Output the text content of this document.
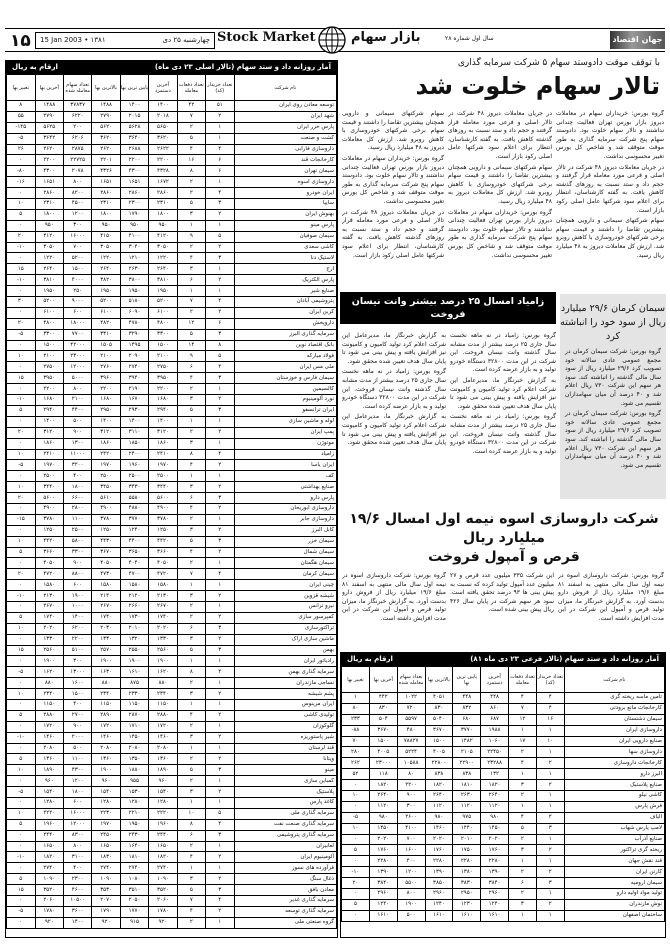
۱۵ 15 Jan 2003 • ۱۳۸۱	چهارشنبه ۲۵ دی Stock Market	بازار سهام	سال اول شماره ۲۸	جهان اقتصاد
ارقام به ریال	آمار روزانه داد و ستد سهام (تالار اصلی ۲۳ دی ماه)
نام شرکت	تعداد خریدار (کد)	تعداد دفعات معامله	آخرین دستمزد	پایین ترین بها	بالاترین بها	تعداد سهام معامله شده	آخرین بها	تغییر بها
توسعه معادن روی ایران	۵۱	۴۲	۱۴۰۰	۱۴۰۰	۱۴۸۸	۳۷۸۳۷	۱۴۸۸	۸
شهد ایران	۲	۷	۲۰۱۸	۲۰۱۵	۲۷۹۰	۶۲۲۰	۲۷۹۰	۵۵
پارس خزر ایران	۱	۲	۵۶۵۰	۵۶۲۸	۵۶۲۰	۲۰۰	۵۶۲۵	۱۴۵-
کشت و صنعت	۱	۵	۳۶۲۰	۳۶۴۰	۳۶۲۰	۶۲۰۶	۳۶۴۲	۵-
داروسازی فارابی	۴	۴	۲۶۲۲	۲۶۸۸	۲۶۲۰	۲۸۷۵	۲۶۲۰	۲۶
کارخانجات قند	۶	۱۶	۲۲۰۰	۲۲۰۰	۲۲۰۱	۲۲۷۲۵	۲۲۰۰	۰
سیمان تهران	۶	۸	۴۳۲۸	۴۳۰۰	۴۳۲۶	۲۰۷۸	۴۳۰۰	۸۰-
داروسازی اسوه	۱	۲	۱۶۷۲	۱۶۵۱	۱۶۵۱	۸۰۰	۱۶۵۱	۱۶-
ایران خودرو	۴	۲	۲۸۶۰	۲۸۶۰	۲۸۶۰	۸۲۰۰	۲۸۶۰	۰
سایپا	۳	۵	۲۳۱۰	۲۳۰۰	۲۳۱۰	۴۵۰۰	۲۳۱۰	۱۰
بهنوش ایران	۲	۳	۱۸۰۰	۱۷۹۰	۱۸۰۰	۱۲۰۰	۱۸۰۰	۵
پارس مینو	۱	۱	۹۵۰	۹۵۰	۹۵۰	۳۰۰	۹۵۰	۰
سیمان صوفیان	۵	۹	۴۱۲۰	۴۱۰۰	۴۱۵۰	۱۶۰۰۰	۴۱۲۰	۲۰
کاشی سعدی	۲	۲	۳۰۵۰	۳۰۴۰	۳۰۵۰	۷۰۰	۳۰۵۰	۱۰-
لاستیک دنا	۳	۴	۱۲۲۰	۱۲۱۰	۱۲۲۰	۵۲۰۰	۱۲۲۰	۰
ارج	۱	۳	۲۶۴۰	۲۶۳۰	۲۶۴۰	۱۵۰۰	۲۶۴۰	۱۵
پارس الکتریک	۲	۶	۳۸۱۰	۳۸۰۰	۳۸۲۰	۴۰۰۰	۳۸۱۰	۱۰-
صنایع شیر	۱	۱	۱۹۵۰	۱۹۵۰	۱۹۵۰	۲۵۰	۱۹۵۰	۰
پتروشیمی آبادان	۴	۷	۵۲۰۰	۵۱۸۰	۵۲۰۰	۹۰۰۰	۵۲۰۰	۳۰
کربن ایران	۲	۲	۶۱۰۰	۶۰۹۰	۶۱۰۰	۶۰۰	۶۱۰۰	۰
داروپخش	۶	۱۲	۴۸۰۰	۴۷۸۰	۴۸۲۰	۱۸۰۰۰	۴۸۰۰	۲۰
سرمایه گذاری البرز	۳	۵	۳۳۰۰	۳۲۹۰	۳۳۱۰	۷۷۰۰	۳۳۰۰	۵-
بانک اقتصاد نوین	۸	۱۴	۱۵۰۰	۱۴۹۵	۱۵۰۵	۴۲۰۰۰	۱۵۰۰	۰
فولاد مبارکه	۵	۹	۲۱۰۰	۲۰۹۰	۲۱۰۰	۲۳۰۰۰	۲۱۰۰	۱۰
ملی مس ایران	۴	۶	۲۷۵۰	۲۷۴۰	۲۷۶۰	۱۲۰۰۰	۲۷۵۰	۰
سیمان فارس و خوزستان	۳	۴	۳۹۵۰	۳۹۴۰	۳۹۶۰	۵۰۰۰	۳۹۵۰	۱۵
کالسیمین	۱	۲	۲۲۰۰	۲۱۹۰	۲۲۰۰	۸۰۰	۲۲۰۰	۰
نورد آلومینیوم	۲	۳	۱۶۸۰	۱۶۷۰	۱۶۸۰	۲۱۰۰	۱۶۸۰	۱۰-
ایران ترانسفو	۳	۵	۲۹۴۰	۲۹۳۰	۲۹۵۰	۴۴۰۰	۲۹۴۰	۵
لوله و ماشین سازی	۱	۱	۱۴۰۰	۱۴۰۰	۱۴۰۰	۵۰۰	۱۴۰۰	۰
پمپ ایران	۲	۲	۳۱۲۰	۳۱۱۰	۳۱۲۰	۹۰۰	۳۱۲۰	۲۰
موتوژن	۱	۳	۱۸۶۰	۱۸۵۰	۱۸۶۰	۱۳۰۰	۱۸۶۰	۰
زامیاد	۴	۸	۲۴۱۰	۲۴۰۰	۲۴۲۰	۱۱۰۰۰	۲۴۱۰	۱۰
ایران یاسا	۲	۴	۱۹۷۰	۱۹۶۰	۱۹۷۰	۳۲۰۰	۱۹۷۰	۵-
کف	۱	۱	۲۵۰۰	۲۵۰۰	۲۵۰۰	۴۰۰	۲۵۰۰	۰
صنایع بهداشتی	۲	۳	۳۴۴۰	۳۴۳۰	۳۴۵۰	۱۸۰۰	۳۴۴۰	۱۰
پارس دارو	۳	۶	۵۶۰۰	۵۵۸۰	۵۶۱۰	۶۶۰۰	۵۶۰۰	۲۰
داروسازی ابوریحان	۲	۴	۴۹۰۰	۴۸۸۰	۴۹۰۰	۲۸۰۰	۴۹۰۰	۰
داروسازی جابر	۱	۲	۳۷۸۰	۳۷۷۰	۳۷۸۰	۱۱۰۰	۳۷۸۰	۱۵-
کابل البرز	۲	۳	۱۲۵۰	۱۲۴۰	۱۲۵۰	۲۵۰۰	۱۲۵۰	۰
سیمان خزر	۳	۵	۴۴۲۰	۴۴۰۰	۴۴۳۰	۵۸۰۰	۴۴۲۰	۱۰
سیمان شمال	۲	۴	۳۶۶۰	۳۶۵۰	۳۶۷۰	۳۳۰۰	۳۶۶۰	۵
سیمان هگمتان	۱	۲	۴۰۵۰	۴۰۴۰	۴۰۵۰	۹۰۰	۴۰۵۰	۰
سیمان کرمان	۴	۷	۴۷۲۰	۴۷۰۰	۴۷۳۰	۸۸۰۰	۴۷۲۰	۲۰
چینی ایران	۱	۱	۱۵۸۰	۱۵۸۰	۱۵۸۰	۶۰۰	۱۵۸۰	۰
شیشه قزوین	۲	۳	۲۱۳۰	۲۱۲۰	۲۱۴۰	۱۹۰۰	۲۱۳۰	۱۰-
نیرو ترانس	۱	۲	۲۶۷۰	۲۶۶۰	۲۶۷۰	۱۰۰۰	۲۶۷۰	۰
کمپرسور سازی	۲	۲	۱۷۴۰	۱۷۳۰	۱۷۴۰	۱۴۰۰	۱۷۴۰	۵
تراکتورسازی	۳	۶	۲۰۲۰	۲۰۱۰	۲۰۳۰	۶۲۰۰	۲۰۲۰	۱۰
ماشین سازی اراک	۲	۳	۱۳۳۰	۱۳۲۰	۱۳۳۰	۲۲۰۰	۱۳۳۰	۰
بهمن	۳	۵	۲۵۶۰	۲۵۵۰	۲۵۷۰	۵۱۰۰	۲۵۶۰	۱۵
رادیاتور ایران	۱	۱	۱۹۰۰	۱۹۰۰	۱۹۰۰	۳۰۰	۱۹۰۰	۰
سرمایه گذاری بهمن	۴	۸	۱۶۲۰	۱۶۱۰	۱۶۳۰	۱۳۰۰۰	۱۶۲۰	۵-
نساجی مازندران	۱	۲	۸۸۰	۸۷۵	۸۸۰	۱۶۰۰	۸۸۰	۰
پشم شیشه	۲	۳	۲۳۴۰	۲۳۳۰	۲۳۴۰	۱۵۰۰	۲۳۴۰	۱۰
ایران مرینوس	۱	۱	۱۱۵۰	۱۱۵۰	۱۱۵۰	۴۰۰	۱۱۵۰	۰
تولیدی کاشی	۲	۴	۲۸۸۰	۲۸۷۰	۲۸۹۰	۲۷۰۰	۲۸۸۰	۵
گلوکوزان	۱	۲	۱۷۲۰	۱۷۱۰	۱۷۲۰	۹۰۰	۱۷۲۰	۰
شیر پاستوریزه	۲	۳	۱۴۶۰	۱۴۵۰	۱۴۶۰	۲۰۰۰	۱۴۶۰	۱۰-
قند لرستان	۱	۱	۲۰۸۰	۲۰۸۰	۲۰۸۰	۵۰۰	۲۰۸۰	۰
ویتانا	۲	۲	۱۳۶۰	۱۳۵۰	۱۳۶۰	۱۱۰۰	۱۳۶۰	۵
مینو	۳	۵	۱۸۹۰	۱۸۸۰	۱۹۰۰	۴۳۰۰	۱۸۹۰	۱۰
کمباین سازی	۱	۲	۹۶۰	۹۵۵	۹۶۰	۱۲۰۰	۹۶۰	۰
پلاستیک	۲	۳	۱۵۴۰	۱۵۳۰	۱۵۴۰	۱۸۰۰	۱۵۴۰	۵-
کاغذ پارس	۱	۱	۱۲۸۰	۱۲۸۰	۱۲۸۰	۶۰۰	۱۲۸۰	۰
سرمایه گذاری ملی	۵	۱۰	۲۲۲۰	۲۲۱۰	۲۲۳۰	۱۶۰۰۰	۲۲۲۰	۱۰
سرمایه گذاری صنعت نفت	۴	۸	۱۹۶۰	۱۹۵۰	۱۹۷۰	۱۲۰۰۰	۱۹۶۰	۵
سرمایه گذاری پتروشیمی	۳	۶	۲۴۴۰	۲۴۳۰	۲۴۵۰	۸۳۰۰	۲۴۴۰	۰
لعابیران	۱	۲	۱۶۵۰	۱۶۴۰	۱۶۵۰	۸۰۰	۱۶۵۰	۰
آلومینیوم ایران	۲	۴	۱۸۲۰	۱۸۱۰	۱۸۳۰	۳۱۰۰	۱۸۲۰	۱۰-
فرآورده های نسوز	۱	۱	۲۷۴۰	۲۷۴۰	۲۷۴۰	۴۰۰	۲۷۴۰	۰
ذغال سنگ	۲	۳	۱۰۹۰	۱۰۸۰	۱۰۹۰	۲۳۰۰	۱۰۹۰	۵
معادن بافق	۳	۵	۳۵۲۰	۳۵۱۰	۳۵۳۰	۴۶۰۰	۳۵۲۰	۱۵
سرمایه گذاری غدیر	۴	۷	۲۰۶۰	۲۰۵۰	۲۰۷۰	۱۰۵۰۰	۲۰۶۰	۰
سرمایه گذاری توسعه	۲	۴	۱۷۸۰	۱۷۷۰	۱۷۹۰	۳۶۰۰	۱۷۸۰	۵-
گروه صنعتی ملی	۱	۲	۹۲۰	۹۱۵	۹۲۰	۱۴۰۰	۹۲۰	۰
با توقف موقت دادوستد سهام ۵ شرکت سرمایه گذاری
تالار سهام خلوت شد

گروه بورس: خریداران سهام در معاملات دیروز بازار بورس تهران فعالیت چندانی نداشتند و تالار سهام خلوت بود. دادوستد سهام پنج شرکت سرمایه گذاری به طور موقت متوقف شد و شاخص کل بورس تغییر محسوسی نداشت.

در جریان معاملات دیروز ۴۸ شرکت در تالار اصلی و فرعی مورد معامله قرار گرفتند و حجم داد و ستد نسبت به روزهای گذشته کاهش یافت. به گفته کارشناسان، انتظار برای اعلام سود شرکتها عامل اصلی رکود بازار است.

سهام شرکتهای سیمانی و دارویی همچنان بیشترین تقاضا را داشتند و قیمت سهام برخی شرکتهای خودروسازی با کاهش روبرو شد. ارزش کل معاملات دیروز به ۴۸ میلیارد ریال رسید.

در جریان معاملات دیروز ۴۸ شرکت در تالار اصلی و فرعی مورد معامله قرار گرفتند و حجم داد و ستد نسبت به روزهای گذشته کاهش یافت. به گفته کارشناسان، انتظار برای اعلام سود شرکتها عامل اصلی رکود بازار است.

سهام شرکتهای سیمانی و دارویی همچنان بیشترین تقاضا را داشتند و قیمت سهام برخی شرکتهای خودروسازی با کاهش روبرو شد. ارزش کل معاملات دیروز به ۴۸ میلیارد ریال رسید.

گروه بورس: خریداران سهام در معاملات دیروز بازار بورس تهران فعالیت چندانی نداشتند و تالار سهام خلوت بود. دادوستد سهام پنج شرکت سرمایه گذاری به طور موقت متوقف شد و شاخص کل بورس تغییر محسوسی نداشت.

سهام شرکتهای سیمانی و دارویی همچنان بیشترین تقاضا را داشتند و قیمت سهام برخی شرکتهای خودروسازی با کاهش روبرو شد. ارزش کل معاملات دیروز به ۴۸ میلیارد ریال رسید.

گروه بورس: خریداران سهام در معاملات دیروز بازار بورس تهران فعالیت چندانی نداشتند و تالار سهام خلوت بود. دادوستد سهام پنج شرکت سرمایه گذاری به طور موقت متوقف شد و شاخص کل بورس تغییر محسوسی نداشت.

در جریان معاملات دیروز ۴۸ شرکت در تالار اصلی و فرعی مورد معامله قرار گرفتند و حجم داد و ستد نسبت به روزهای گذشته کاهش یافت. به گفته کارشناسان، انتظار برای اعلام سود شرکتها عامل اصلی رکود بازار است.

زامیاد امسال ۲۵ درصد بیشتر وانت نیسان فروخت

گروه بورس: زامیاد در نه ماهه نخست سال جاری ۲۵ درصد بیشتر از مدت مشابه سال گذشته وانت نیسان فروخت. این شرکت در این مدت ۳۲۸۰۰ دستگاه خودرو تولید و به بازار عرضه کرده است.

به گزارش خبرنگار ما، مدیرعامل این شرکت اعلام کرد تولید کامیون و کامیونت نیز افزایش یافته و پیش بینی می شود تا پایان سال هدف تعیین شده محقق شود.

گروه بورس: زامیاد در نه ماهه نخست سال جاری ۲۵ درصد بیشتر از مدت مشابه سال گذشته وانت نیسان فروخت. این شرکت در این مدت ۳۲۸۰۰ دستگاه خودرو تولید و به بازار عرضه کرده است.

به گزارش خبرنگار ما، مدیرعامل این شرکت اعلام کرد تولید کامیون و کامیونت نیز افزایش یافته و پیش بینی می شود تا پایان سال هدف تعیین شده محقق شود.

گروه بورس: زامیاد در نه ماهه نخست سال جاری ۲۵ درصد بیشتر از مدت مشابه سال گذشته وانت نیسان فروخت. این شرکت در این مدت ۳۲۸۰۰ دستگاه خودرو تولید و به بازار عرضه کرده است.

به گزارش خبرنگار ما، مدیرعامل این شرکت اعلام کرد تولید کامیون و کامیونت نیز افزایش یافته و پیش بینی می شود تا پایان سال هدف تعیین شده محقق شود.

سیمان کرمان ۲۹/۶ میلیارد ریال از سود خود را انباشته کرد

گروه بورس: شرکت سیمان کرمان در مجمع عمومی عادی سالانه خود تصویب کرد ۲۹/۶ میلیارد ریال از سود سال مالی گذشته را انباشته کند. سود هر سهم این شرکت ۷۳۰ ریال اعلام شد و ۴۰ درصد آن میان سهامداران تقسیم می شود.

گروه بورس: شرکت سیمان کرمان در مجمع عمومی عادی سالانه خود تصویب کرد ۲۹/۶ میلیارد ریال از سود سال مالی گذشته را انباشته کند. سود هر سهم این شرکت ۷۳۰ ریال اعلام شد و ۴۰ درصد آن میان سهامداران تقسیم می شود.

شرکت داروسازی اسوه نیمه اول امسال ۱۹/۶ میلیارد ریال
قرص و آمپول فروخت

گروه بورس: شرکت داروسازی اسوه در نیمه اول سال مالی منتهی به اسفند ۸۱ مبلغ ۱۹/۶ میلیارد ریال از فروش دارو بدست آورد. به گزارش خبرنگار ما، میزان تولید قرص و آمپول این شرکت در این مدت افزایش داشته است.

این شرکت ۳۳۵ میلیون عدد قرص و ۲۷ میلیون عدد آمپول تولید کرده که نسبت به پیش بینی ها ۹۳ درصد تحقق یافته است. سود هر سهم شرکت در پایان سال ۴۲۶ ریال پیش بینی شده است.

گروه بورس: شرکت داروسازی اسوه در نیمه اول سال مالی منتهی به اسفند ۸۱ مبلغ ۱۹/۶ میلیارد ریال از فروش دارو بدست آورد. به گزارش خبرنگار ما، میزان تولید قرص و آمپول این شرکت در این مدت افزایش داشته است.

ارقام به ریال	آمار روزانه داد و ستد سهام (تالار فرعی ۲۳ دی ماه ۸۱)
نام شرکت	تعداد خریدار (کد)	تعداد دفعات معامله	آخرین دستمزد	پایین ترین بها	بالاترین بها	تعداد سهام معامله شده	آخرین بها	تغییر بها
تامین ماسه ریخته گری	۴	۴	۴۴۸	۴۴۸	۴۰۵۱	۱۰۲۲	۴۴۲	۱
کارخانجات مانع برودتی	۴	۷	۸۶۰	۸۳۲	۸۳۰	۷۲۰	۸۳۰	۸۰
سیمان دشتستان	۱۶	۱۲	۶۸۷	۶۸۰	۵۰۴۰	۵۵۹۷	۵۰۴	۲۳۳
داروسازی ایران	۱	۱	۱۹۸۸	۳۷۷۰	۳۶۷۰	۴۸۰	۳۶۷۰	۸۸-
صنایع دارویی ایران	۱۰	۱۷	۱۰۶۰	۱۴۸۲	۱۵۰۰	۷۸۸۲۷	۱۵۰۰	۷۰
داروسازی سها	۱	۲	۲۲۴۵۰	۲۱۰۵	۴۰۰۵	۵۲۲۴	۴۰۰۵	۲۸۰
کارخانجات داروسازی	۲	۴	۲۳۲۸۸	۲۲۹۰۰	۲۲۸۰۰	۱۰۵۸۸	۲۳۰۰۰	۲۶۲
البرز دارو	۱	۱	۱۳۲	۸۳۸	۸۳۸	۸۰	۱۱۸	۵۲
صنایع پلاستیک	۲	۳	۱۸۲۰	۱۸۱۰	۱۸۲۰	۲۲۰۰	۱۸۲۰	۰
کاشی نیلو	۱	۲	۲۶۴۰	۲۶۳۰	۲۶۴۰	۹۰۰	۲۶۴۰	۱۰
فرش پارس	۱	۱	۱۱۲۰	۱۱۲۰	۱۱۲۰	۳۰۰	۱۱۲۰	۰
الیاف	۲	۴	۹۸۰	۹۷۵	۹۸۰	۲۶۰۰	۹۸۰	۵-
لامپ پارس شهاب	۳	۵	۱۴۵۰	۱۴۴۰	۱۴۶۰	۴۱۰۰	۱۴۵۰	۱۰
صنایع آذرآب	۱	۲	۲۰۲۰	۲۰۱۰	۲۰۲۰	۷۰۰	۲۰۲۰	۰
ریخته گری تراکتور	۲	۳	۱۷۶۰	۱۷۵۰	۱۷۶۰	۱۶۰۰	۱۷۶۰	۵
قند نقش جهان	۱	۱	۲۲۸۰	۲۲۸۰	۲۲۸۰	۴۰۰	۲۲۸۰	۰
کارتن ایران	۲	۲	۱۳۹۰	۱۳۸۰	۱۳۹۰	۱۲۰۰	۱۳۹۰	۱۰-
سیمان ارومیه	۳	۶	۳۸۴۰	۳۸۳۰	۳۸۵۰	۵۵۰۰	۳۸۴۰	۲۰
تولید مواد اولیه دارو	۱	۲	۲۹۶۰	۲۹۵۰	۲۹۶۰	۸۰۰	۲۹۶۰	۰
نوش مازندران	۲	۳	۱۲۴۰	۱۲۳۰	۱۲۴۰	۱۹۰۰	۱۲۴۰	۵
ساختمان اصفهان	۱	۱	۱۶۱۰	۱۶۱۰	۱۶۱۰	۵۰۰	۱۶۱۰	۰
